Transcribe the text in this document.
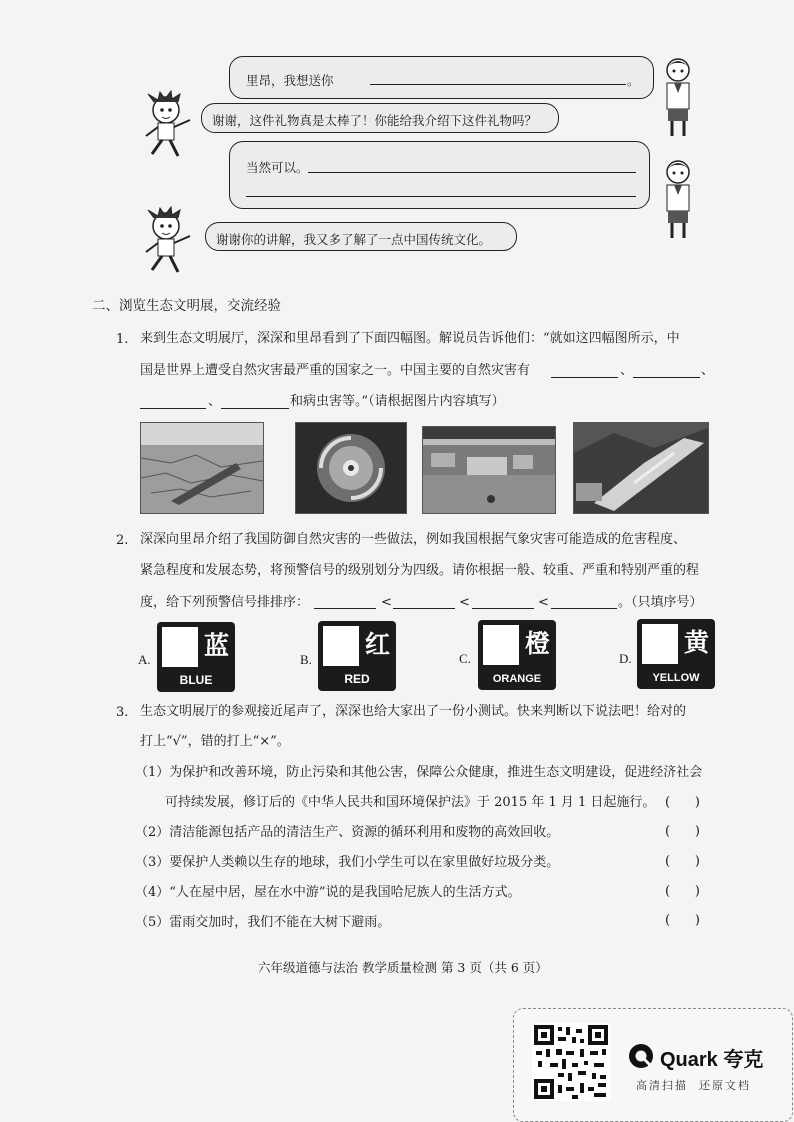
里昂，我想送你	。
谢谢，这件礼物真是太棒了！你能给我介绍下这件礼物吗？
当然可以。
谢谢你的讲解，我又多了解了一点中国传统文化。
二、浏览生态文明展，交流经验
1. 来到生态文明展厅，深深和里昂看到了下面四幅图。解说员告诉他们：“就如这四幅图所示，中
国是世界上遭受自然灾害最严重的国家之一。中国主要的自然灾害有	、	、
、	和病虫害等。”（请根据图片内容填写）
2. 深深向里昂介绍了我国防御自然灾害的一些做法，例如我国根据气象灾害可能造成的危害程度、
紧急程度和发展态势，将预警信号的级别划分为四级。请你根据一般、较重、严重和特别严重的程
度，给下列预警信号排排序：	<	<	<	。（只填序号）
A. 蓝
BLUE
B.
红
RED
C.
橙
ORANGE
D.
黄
YELLOW
3. 生态文明展厅的参观接近尾声了，深深也给大家出了一份小测试。快来判断以下说法吧！给对的
打上“√”，错的打上“×”。
（1）为保护和改善环境，防止污染和其他公害，保障公众健康，推进生态文明建设，促进经济社会
可持续发展，修订后的《中华人民共和国环境保护法》于 2015 年 1 月 1 日起施行。 (      )
（2）清洁能源包括产品的清洁生产、资源的循环利用和废物的高效回收。	(      )
（3）要保护人类赖以生存的地球，我们小学生可以在家里做好垃圾分类。	(      )
（4）“人在屋中居，屋在水中游”说的是我国哈尼族人的生活方式。	(      )
（5）雷雨交加时，我们不能在大树下避雨。	(      )
六年级道德与法治 教学质量检测 第 3 页（共 6 页）
Quark 夸克
高清扫描  还原文档
